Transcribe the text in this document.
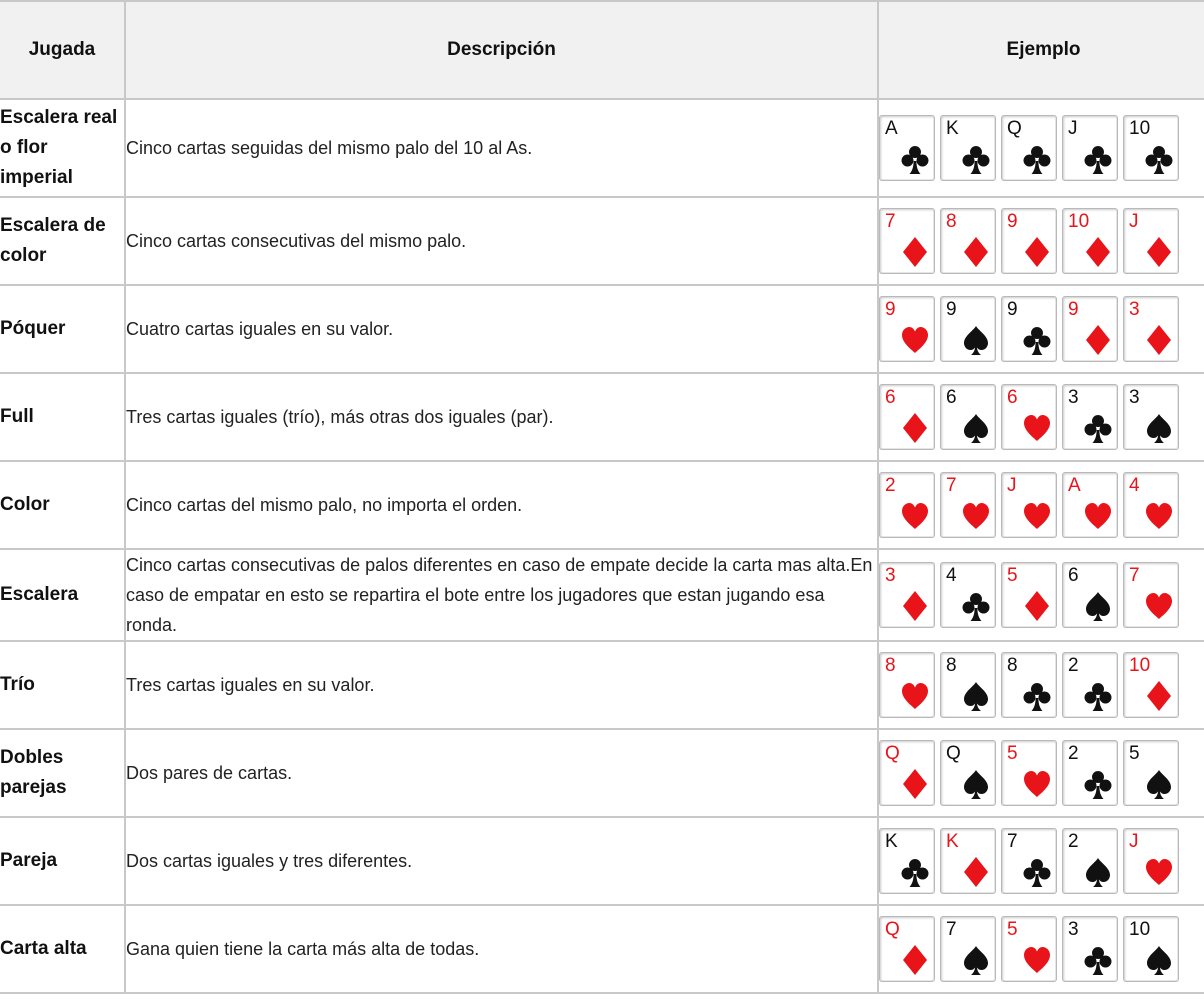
Jugada	Descripción	Ejemplo
Escalera real o flor imperial	Cinco cartas seguidas del mismo palo del 10 al As.	A K Q J 10

Escalera de color	Cinco cartas consecutivas del mismo palo.	7 8 9 10 J

Póquer	Cuatro cartas iguales en su valor.	9 9 9 9 3

Full	Tres cartas iguales (trío), más otras dos iguales (par).	6 6 6 3 3

Color	Cinco cartas del mismo palo, no importa el orden.	2 7 J A 4

Escalera	Cinco cartas consecutivas de palos diferentes en caso de empate decide la carta mas alta.En caso de empatar en esto se repartira el bote entre los jugadores que estan jugando esa ronda.	3 4 5 6 7

Trío	Tres cartas iguales en su valor.	8 8 8 2 10

Dobles parejas	Dos pares de cartas.	Q Q 5 2 5

Pareja	Dos cartas iguales y tres diferentes.	K K 7 2 J

Carta alta	Gana quien tiene la carta más alta de todas.	Q 7 5 3 10
